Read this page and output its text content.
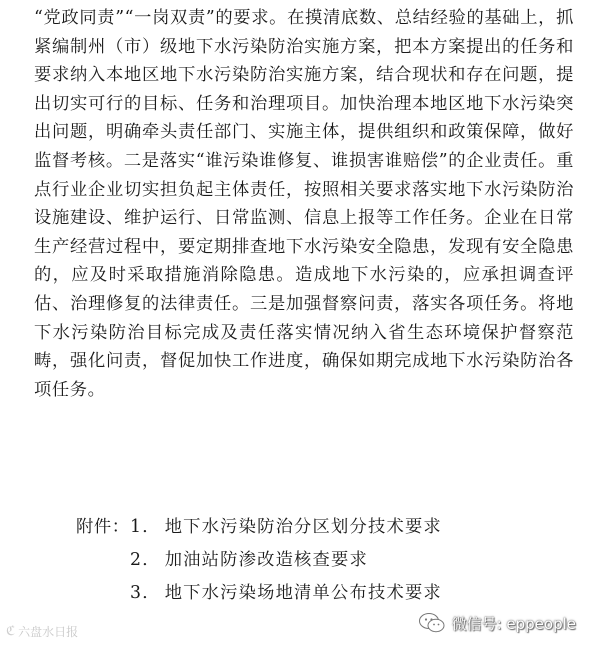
“党政同责”“一岗双责”的要求。在摸清底数、总结经验的基础上，抓紧编制州（市）级地下水污染防治实施方案，把本方案提出的任务和要求纳入本地区地下水污染防治实施方案，结合现状和存在问题，提出切实可行的目标、任务和治理项目。加快治理本地区地下水污染突出问题，明确牵头责任部门、实施主体，提供组织和政策保障，做好监督考核。二是落实“谁污染谁修复、谁损害谁赔偿”的企业责任。重点行业企业切实担负起主体责任，按照相关要求落实地下水污染防治设施建设、维护运行、日常监测、信息上报等工作任务。企业在日常生产经营过程中，要定期排查地下水污染安全隐患，发现有安全隐患的，应及时采取措施消除隐患。造成地下水污染的，应承担调查评估、治理修复的法律责任。三是加强督察问责，落实各项任务。将地下水污染防治目标完成及责任落实情况纳入省生态环境保护督察范畴，强化问责，督促加快工作进度，确保如期完成地下水污染防治各项任务。

附件： 1． 地下水污染防治分区划分技术要求
2． 加油站防渗改造核查要求
3． 地下水污染场地清单公布技术要求
ℭ 六盘水日报	微信号: eppeople
